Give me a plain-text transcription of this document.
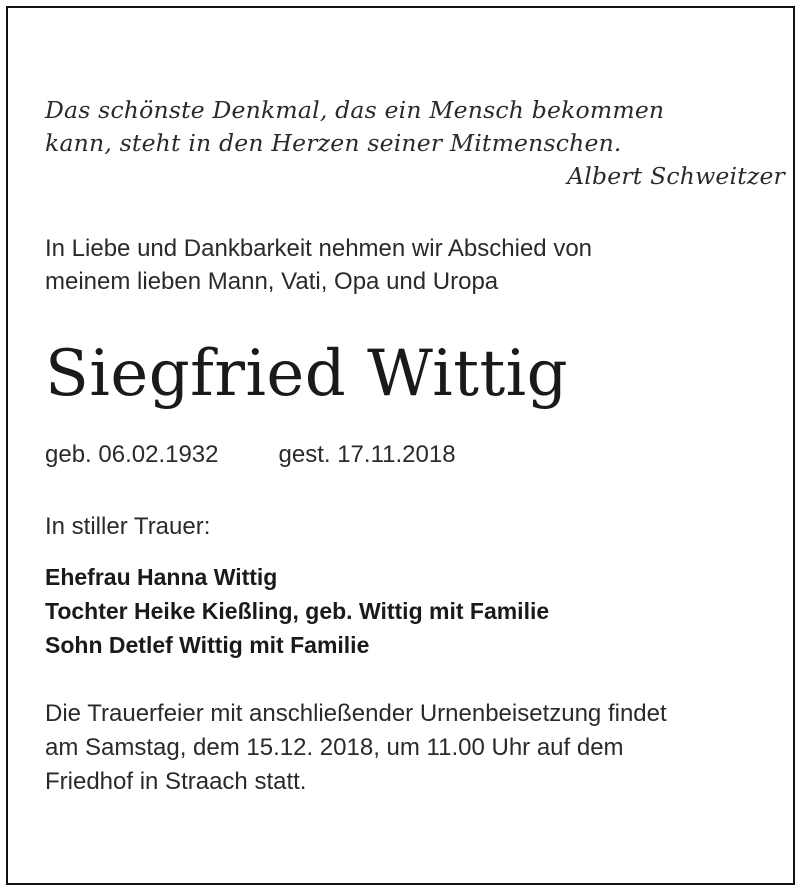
Das schönste Denkmal, das ein Mensch bekommen
kann, steht in den Herzen seiner Mitmenschen.
Albert Schweitzer
In Liebe und Dankbarkeit nehmen wir Abschied von
meinem lieben Mann, Vati, Opa und Uropa
Siegfried Wittig
geb. 06.02.1932	gest. 17.11.2018
In stiller Trauer:
Ehefrau Hanna Wittig
Tochter Heike Kießling, geb. Wittig mit Familie
Sohn Detlef Wittig mit Familie
Die Trauerfeier mit anschließender Urnenbeisetzung findet
am Samstag, dem 15.12. 2018, um 11.00 Uhr auf dem
Friedhof in Straach statt.
